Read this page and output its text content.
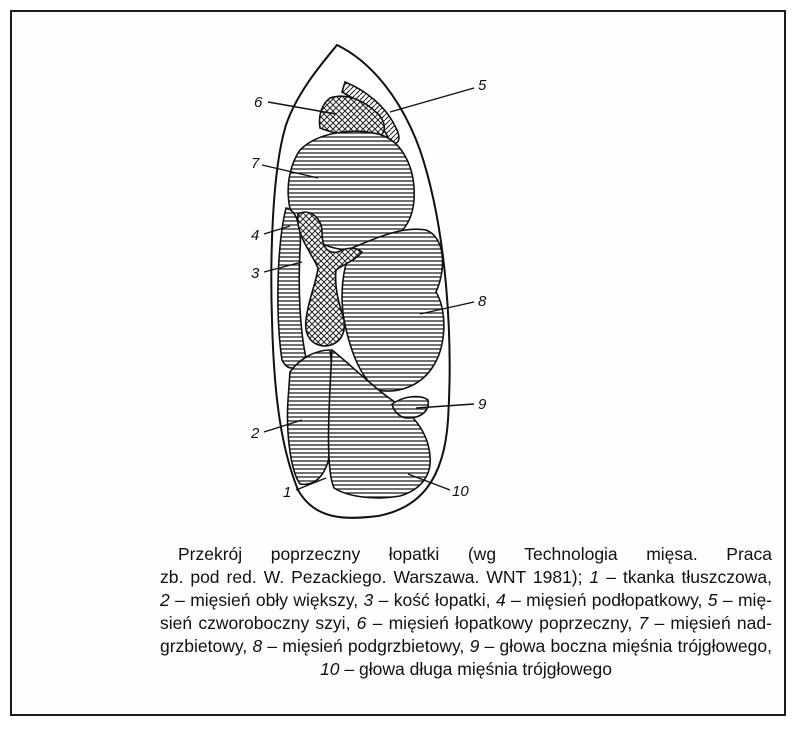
6
5
7
4
3
8
9
2
1	10
Przekrój poprzeczny łopatki (wg Technologia mięsa. Praca
zb. pod red. W. Pezackiego. Warszawa. WNT 1981); 1 – tkanka tłuszczowa,
2 – mięsień obły większy, 3 – kość łopatki, 4 – mięsień podłopatkowy, 5 – mię-
sień czworoboczny szyi, 6 – mięsień łopatkowy poprzeczny, 7 – mięsień nad-
grzbietowy, 8 – mięsień podgrzbietowy, 9 – głowa boczna mięśnia trójgłowego,
10 – głowa długa mięśnia trójgłowego
